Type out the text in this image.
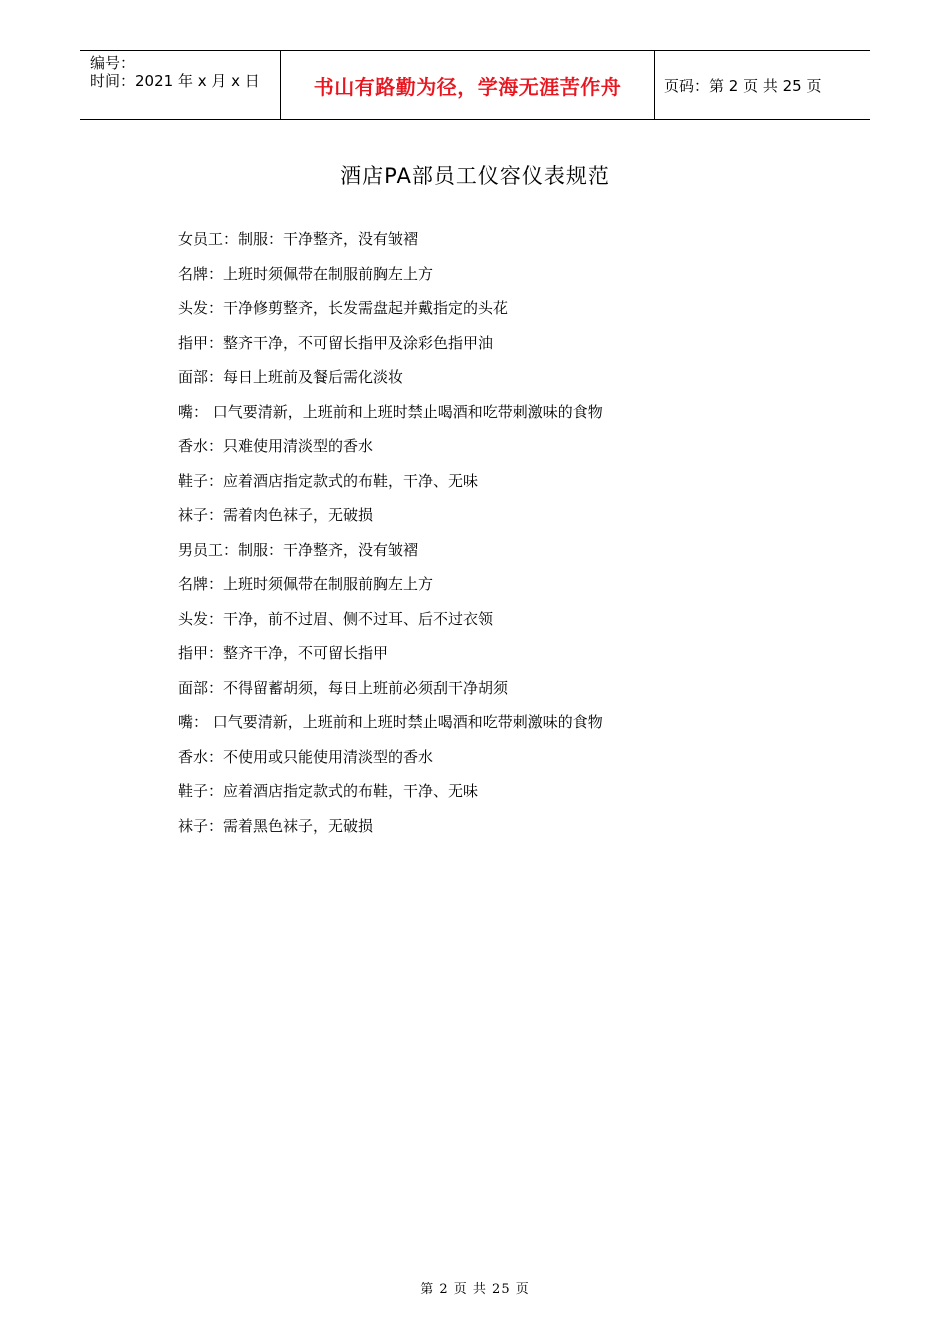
编号：
时间：2021 年 x 月 x 日	书山有路勤为径，学海无涯苦作舟	页码：第 2 页 共 25 页
酒店PA部员工仪容仪表规范
女员工：制服：干净整齐，没有皱褶
名牌：上班时须佩带在制服前胸左上方
头发：干净修剪整齐，长发需盘起并戴指定的头花
指甲：整齐干净，不可留长指甲及涂彩色指甲油
面部：每日上班前及餐后需化淡妆
嘴： 口气要清新，上班前和上班时禁止喝酒和吃带刺激味的食物
香水：只难使用清淡型的香水
鞋子：应着酒店指定款式的布鞋，干净、无味
袜子：需着肉色袜子，无破损
男员工：制服：干净整齐，没有皱褶
名牌：上班时须佩带在制服前胸左上方
头发：干净，前不过眉、侧不过耳、后不过衣领
指甲：整齐干净，不可留长指甲
面部：不得留蓄胡须，每日上班前必须刮干净胡须
嘴： 口气要清新，上班前和上班时禁止喝酒和吃带刺激味的食物
香水：不使用或只能使用清淡型的香水
鞋子：应着酒店指定款式的布鞋，干净、无味
袜子：需着黑色袜子，无破损
第 2 页 共 25 页
